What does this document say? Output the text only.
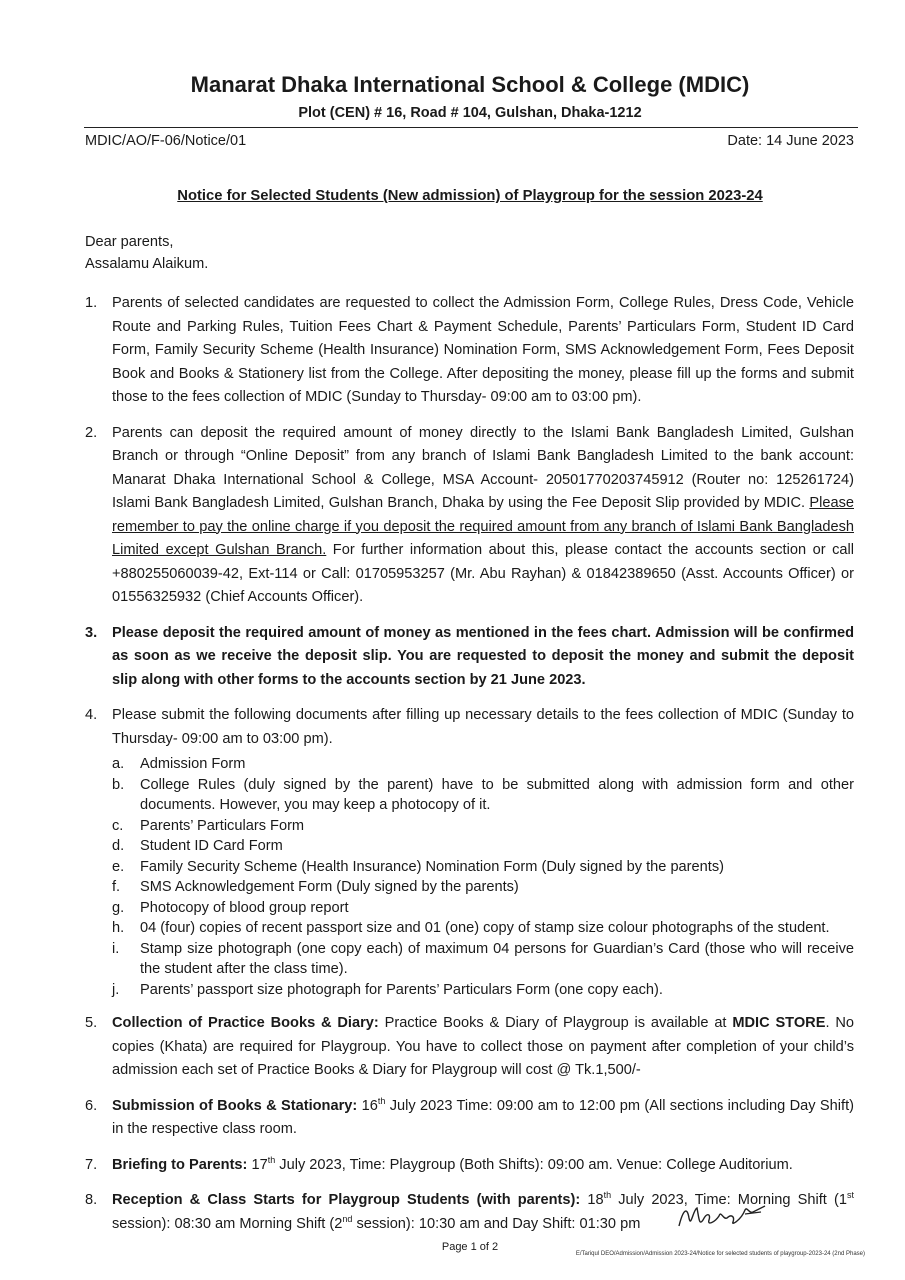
Manarat Dhaka International School & College (MDIC)
Plot (CEN) # 16, Road # 104, Gulshan, Dhaka-1212
MDIC/AO/F-06/Notice/01	Date: 14 June 2023
Notice for Selected Students (New admission) of Playgroup for the session 2023-24
Dear parents,
Assalamu Alaikum.
1. Parents of selected candidates are requested to collect the Admission Form, College Rules, Dress Code, Vehicle Route and Parking Rules, Tuition Fees Chart & Payment Schedule, Parents’ Particulars Form, Student ID Card Form, Family Security Scheme (Health Insurance) Nomination Form, SMS Acknowledgement Form, Fees Deposit Book and Books & Stationery list from the College. After depositing the money, please fill up the forms and submit those to the fees collection of MDIC (Sunday to Thursday- 09:00 am to 03:00 pm).
2. Parents can deposit the required amount of money directly to the Islami Bank Bangladesh Limited, Gulshan Branch or through “Online Deposit” from any branch of Islami Bank Bangladesh Limited to the bank account: Manarat Dhaka International School & College, MSA Account- 20501770203745912 (Router no: 125261724) Islami Bank Bangladesh Limited, Gulshan Branch, Dhaka by using the Fee Deposit Slip provided by MDIC. Please remember to pay the online charge if you deposit the required amount from any branch of Islami Bank Bangladesh Limited except Gulshan Branch. For further information about this, please contact the accounts section or call +880255060039-42, Ext-114 or Call: 01705953257 (Mr. Abu Rayhan) & 01842389650 (Asst. Accounts Officer) or 01556325932 (Chief Accounts Officer).
3. Please deposit the required amount of money as mentioned in the fees chart. Admission will be confirmed as soon as we receive the deposit slip. You are requested to deposit the money and submit the deposit slip along with other forms to the accounts section by 21 June 2023.
4. Please submit the following documents after filling up necessary details to the fees collection of MDIC (Sunday to Thursday- 09:00 am to 03:00 pm).
a. Admission Form
b. College Rules (duly signed by the parent) have to be submitted along with admission form and other documents. However, you may keep a photocopy of it.
c. Parents’ Particulars Form
d. Student ID Card Form
e. Family Security Scheme (Health Insurance) Nomination Form (Duly signed by the parents)
f. SMS Acknowledgement Form (Duly signed by the parents)
g. Photocopy of blood group report
h. 04 (four) copies of recent passport size and 01 (one) copy of stamp size colour photographs of the student.
i. Stamp size photograph (one copy each) of maximum 04 persons for Guardian’s Card (those who will receive the student after the class time).
j. Parents’ passport size photograph for Parents’ Particulars Form (one copy each).
5. Collection of Practice Books & Diary: Practice Books & Diary of Playgroup is available at MDIC STORE. No copies (Khata) are required for Playgroup. You have to collect those on payment after completion of your child’s admission each set of Practice Books & Diary for Playgroup will cost @ Tk.1,500/-
6. Submission of Books & Stationary: 16th July 2023 Time: 09:00 am to 12:00 pm (All sections including Day Shift) in the respective class room.
7. Briefing to Parents: 17th July 2023, Time: Playgroup (Both Shifts): 09:00 am. Venue: College Auditorium.
8. Reception & Class Starts for Playgroup Students (with parents): 18th July 2023, Time: Morning Shift (1st session): 08:30 am Morning Shift (2nd session): 10:30 am and Day Shift: 01:30 pm
Page 1 of 2
E/Tariqul DEO/Admission/Admission 2023-24/Notice for selected students of playgroup-2023-24 (2nd Phase)
